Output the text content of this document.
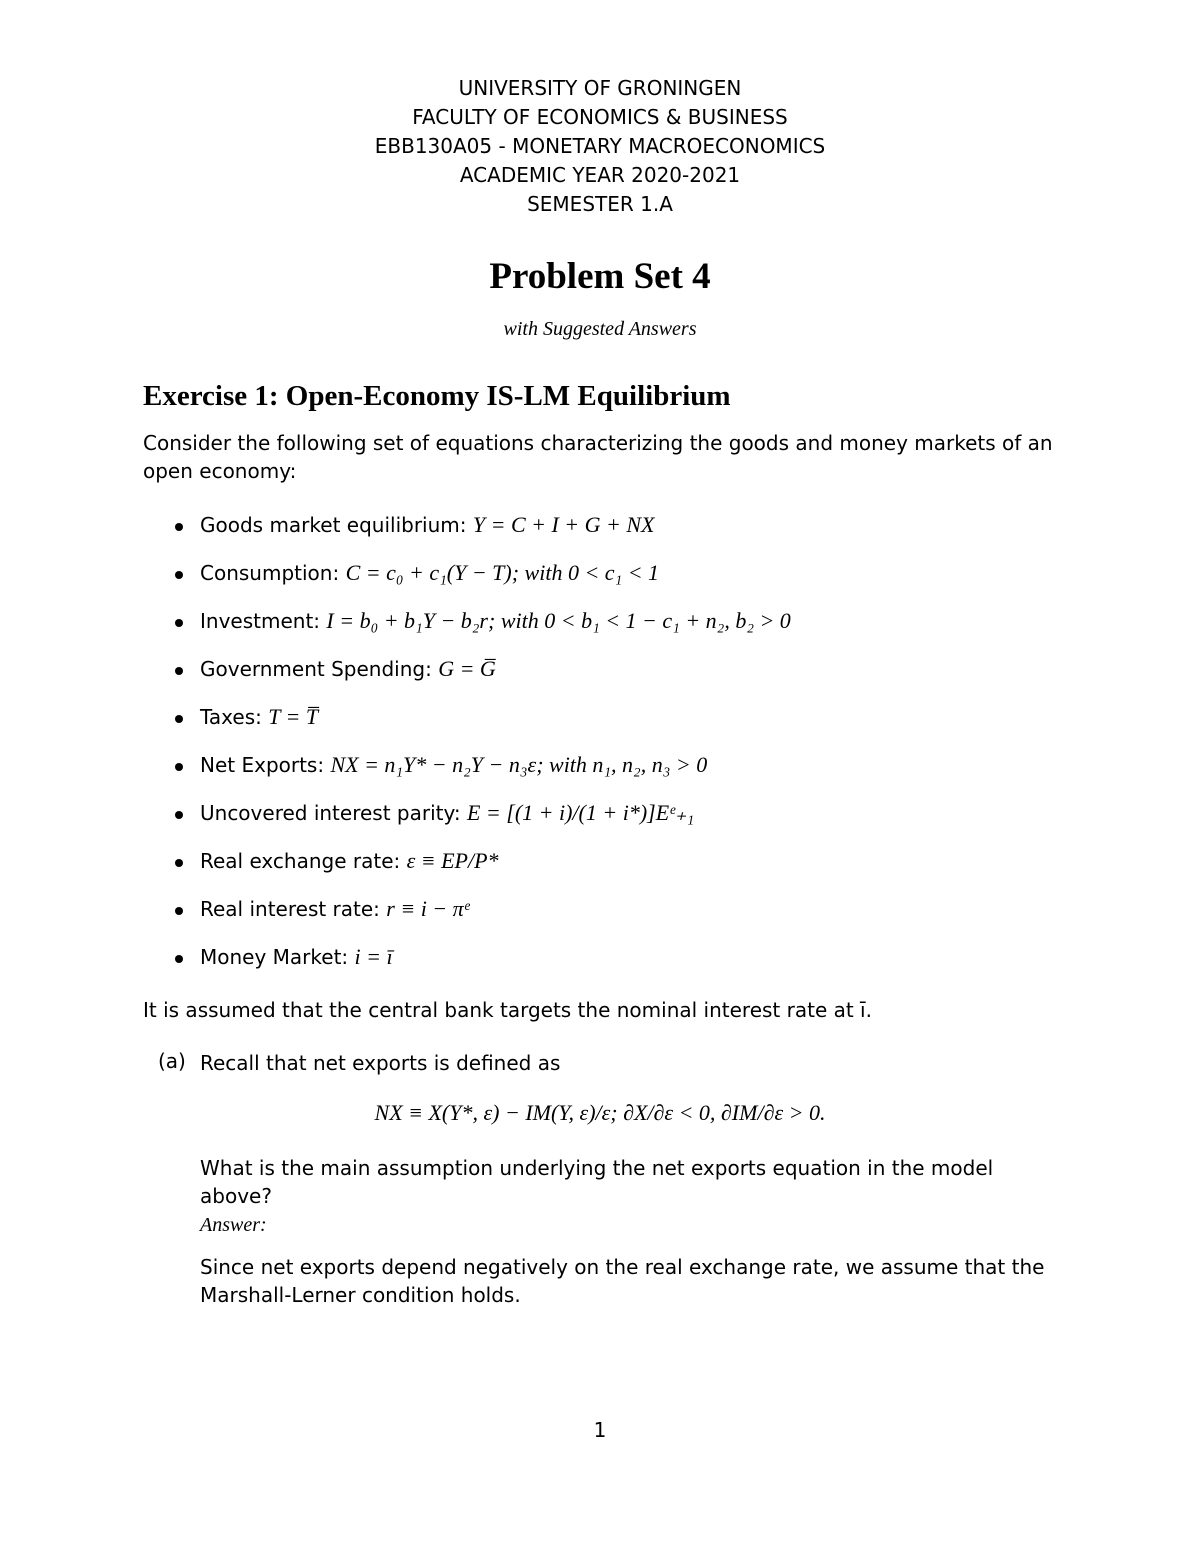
UNIVERSITY OF GRONINGEN
FACULTY OF ECONOMICS & BUSINESS
EBB130A05 - MONETARY MACROECONOMICS
ACADEMIC YEAR 2020-2021
SEMESTER 1.A
Problem Set 4
with Suggested Answers
Exercise 1: Open-Economy IS-LM Equilibrium
Consider the following set of equations characterizing the goods and money markets of an open economy:
Goods market equilibrium: Y = C + I + G + NX
Consumption: C = c₀ + c₁(Y − T); with 0 < c₁ < 1
Investment: I = b₀ + b₁Y − b₂r; with 0 < b₁ < 1 − c₁ + n₂, b₂ > 0
Government Spending: G = G̅
Taxes: T = T̅
Net Exports: NX = n₁Y* − n₂Y − n₃ε; with n₁, n₂, n₃ > 0
Uncovered interest parity: E = [(1 + i)/(1 + i*)]Eᵉ₊₁
Real exchange rate: ε ≡ EP/P*
Real interest rate: r ≡ i − πᵉ
Money Market: i = ī
It is assumed that the central bank targets the nominal interest rate at ī.
(a) Recall that net exports is defined as
NX ≡ X(Y*, ε) − IM(Y, ε)/ε; ∂X/∂ε < 0, ∂IM/∂ε > 0.
What is the main assumption underlying the net exports equation in the model above?
Answer:
Since net exports depend negatively on the real exchange rate, we assume that the Marshall-Lerner condition holds.
1
